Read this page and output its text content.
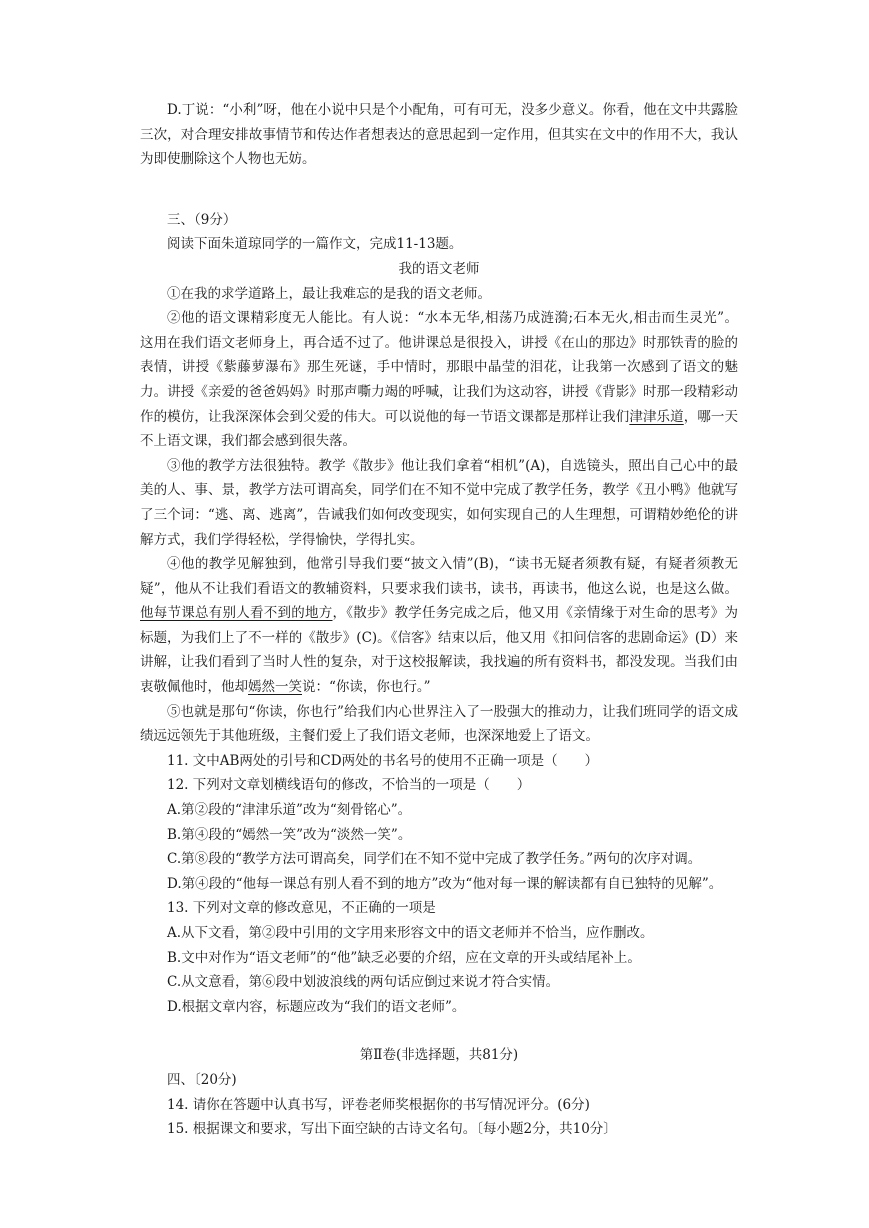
D.丁说：“小利”呀，他在小说中只是个小配角，可有可无，没多少意义。你看，他在文中共露脸三次，对合理安排故事情节和传达作者想表达的意思起到一定作用，但其实在文中的作用不大，我认为即使删除这个人物也无妨。

三、（9分）

阅读下面朱道琼同学的一篇作文，完成11-13题。

我的语文老师

①在我的求学道路上，最让我难忘的是我的语文老师。

②他的语文课精彩度无人能比。有人说：“水本无华,相荡乃成涟漪;石本无火,相击而生灵光”。 这用在我们语文老师身上，再合适不过了。他讲课总是很投入，讲授《在山的那边》时那铁青的脸的表情，讲授《紫藤萝瀑布》那生死谜，手中情时，那眼中晶莹的泪花，让我第一次感到了语文的魅力。讲授《亲爱的爸爸妈妈》时那声嘶力竭的呼喊，让我们为这动容，讲授《背影》时那一段精彩动作的模仿，让我深深体会到父爱的伟大。可以说他的每一节语文课都是那样让我们津津乐道，哪一天不上语文课，我们都会感到很失落。

③他的教学方法很独特。教学《散步》他让我们拿着“相机”(A)，自选镜头，照出自己心中的最美的人、事、景，教学方法可谓高矣，同学们在不知不觉中完成了教学任务，教学《丑小鸭》他就写了三个词：“逃、离、逃离”，告诫我们如何改变现实，如何实现自己的人生理想，可谓精妙绝伦的讲解方式，我们学得轻松，学得愉快，学得扎实。

④他的教学见解独到，他常引导我们要“披文入情”(B)，“读书无疑者须教有疑，有疑者须教无疑”，他从不让我们看语文的教辅资料，只要求我们读书，读书，再读书，他这么说，也是这么做。他每节课总有别人看不到的地方，《散步》教学任务完成之后，他又用《亲情缘于对生命的思考》为标题，为我们上了不一样的《散步》(C)。《信客》结束以后，他又用《扣问信客的悲剧命运》(D）来讲解，让我们看到了当时人性的复杂，对于这校报解读，我找遍的所有资料书，都没发现。当我们由衷敬佩他时，他却嫣然一笑说：“你读，你也行。”

⑤也就是那句“你读，你也行”给我们内心世界注入了一股强大的推动力，让我们班同学的语文成绩远远领先于其他班级，主餐们爱上了我们语文老师，也深深地爱上了语文。

11. 文中AB两处的引号和CD两处的书名号的使用不正确一项是（　　）

12. 下列对文章划横线语句的修改，不恰当的一项是（　　）

A.第②段的“津津乐道”改为“刻骨铭心”。

B.第④段的“嫣然一笑”改为“淡然一笑”。

C.第⑧段的“教学方法可谓高矣，同学们在不知不觉中完成了教学任务。”两句的次序对调。

D.第④段的“他每一课总有别人看不到的地方”改为“他对每一课的解读都有自已独特的见解”。

13. 下列对文章的修改意见，不正确的一项是

A.从下文看，第②段中引用的文字用来形容文中的语文老师并不恰当，应作删改。

B.文中对作为“语文老师”的“他”缺乏必要的介绍，应在文章的开头或结尾补上。

C.从文意看，第⑥段中划波浪线的两句话应倒过来说才符合实情。

D.根据文章内容，标题应改为“我们的语文老师”。

第Ⅱ卷(非选择题，共81分)

四、〔20分)

14. 请你在答题中认真书写，评卷老师奖根据你的书写情况评分。(6分)

15. 根据课文和要求，写出下面空缺的古诗文名句。〔每小题2分，共10分〕
